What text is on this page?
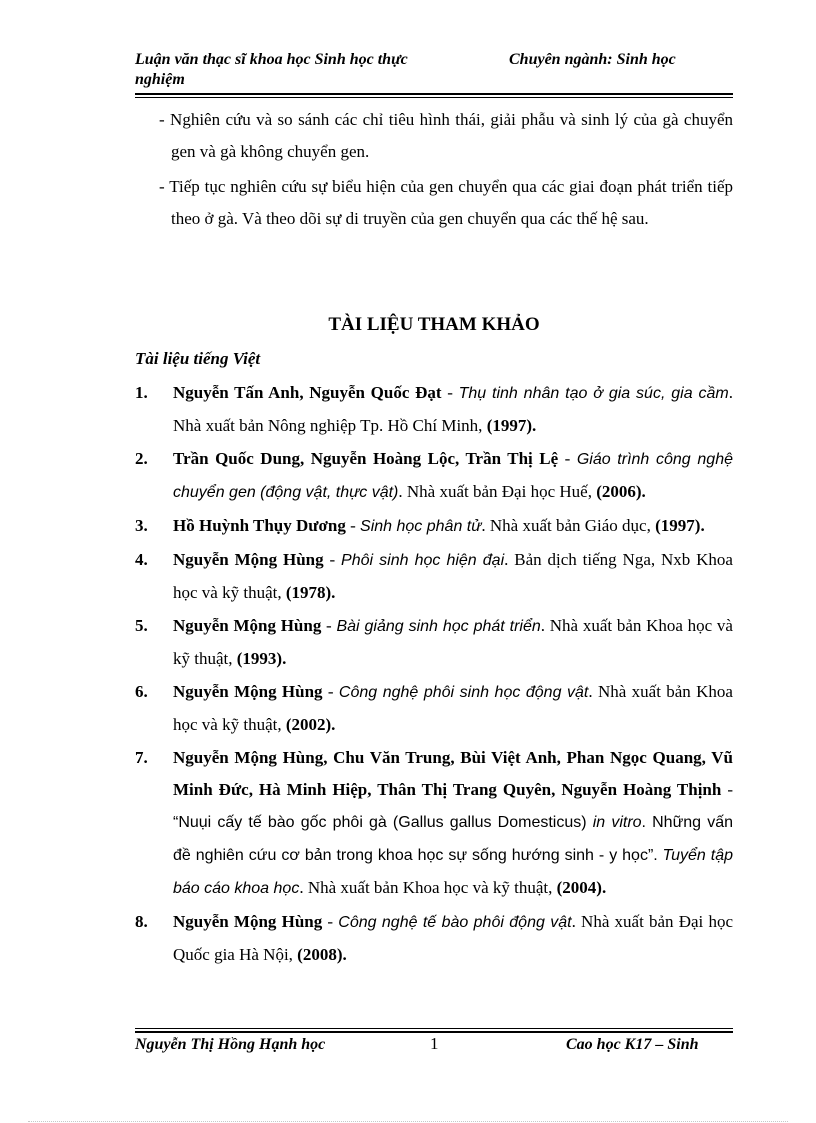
Luận văn thạc sĩ khoa học Sinh học thực nghiệm
Chuyên ngành: Sinh học
- Nghiên cứu và so sánh các chỉ tiêu hình thái, giải phẫu và sinh lý của gà chuyển gen và gà không chuyển gen.
- Tiếp tục nghiên cứu sự biểu hiện của gen chuyển qua các giai đoạn phát triển tiếp theo ở gà. Và theo dõi sự di truyền của gen chuyển qua các thế hệ sau.
TÀI LIỆU THAM KHẢO
Tài liệu tiếng Việt
1. Nguyễn Tấn Anh, Nguyễn Quốc Đạt - Thụ tinh nhân tạo ở gia súc, gia cầm. Nhà xuất bản Nông nghiệp Tp. Hồ Chí Minh, (1997).
2. Trần Quốc Dung, Nguyễn Hoàng Lộc, Trần Thị Lệ - Giáo trình công nghệ chuyển gen (động vật, thực vật). Nhà xuất bản Đại học Huế, (2006).
3. Hồ Huỳnh Thụy Dương - Sinh học phân tử. Nhà xuất bản Giáo dục, (1997).
4. Nguyễn Mộng Hùng - Phôi sinh học hiện đại. Bản dịch tiếng Nga, Nxb Khoa học và kỹ thuật, (1978).
5. Nguyễn Mộng Hùng - Bài giảng sinh học phát triển. Nhà xuất bản Khoa học và kỹ thuật, (1993).
6. Nguyễn Mộng Hùng - Công nghệ phôi sinh học động vật. Nhà xuất bản Khoa học và kỹ thuật, (2002).
7. Nguyễn Mộng Hùng, Chu Văn Trung, Bùi Việt Anh, Phan Ngọc Quang, Vũ Minh Đức, Hà Minh Hiệp, Thân Thị Trang Quyên, Nguyễn Hoàng Thịnh - “Nuụi cấy tế bào gốc phôi gà (Gallus gallus Domesticus) in vitro. Những vấn đề nghiên cứu cơ bản trong khoa học sự sống hướng sinh - y học”. Tuyển tập báo cáo khoa học. Nhà xuất bản Khoa học và kỹ thuật, (2004).
8. Nguyễn Mộng Hùng - Công nghệ tế bào phôi động vật. Nhà xuất bản Đại học Quốc gia Hà Nội, (2008).
Nguyễn Thị Hồng Hạnh học	1	Cao học K17 – Sinh
